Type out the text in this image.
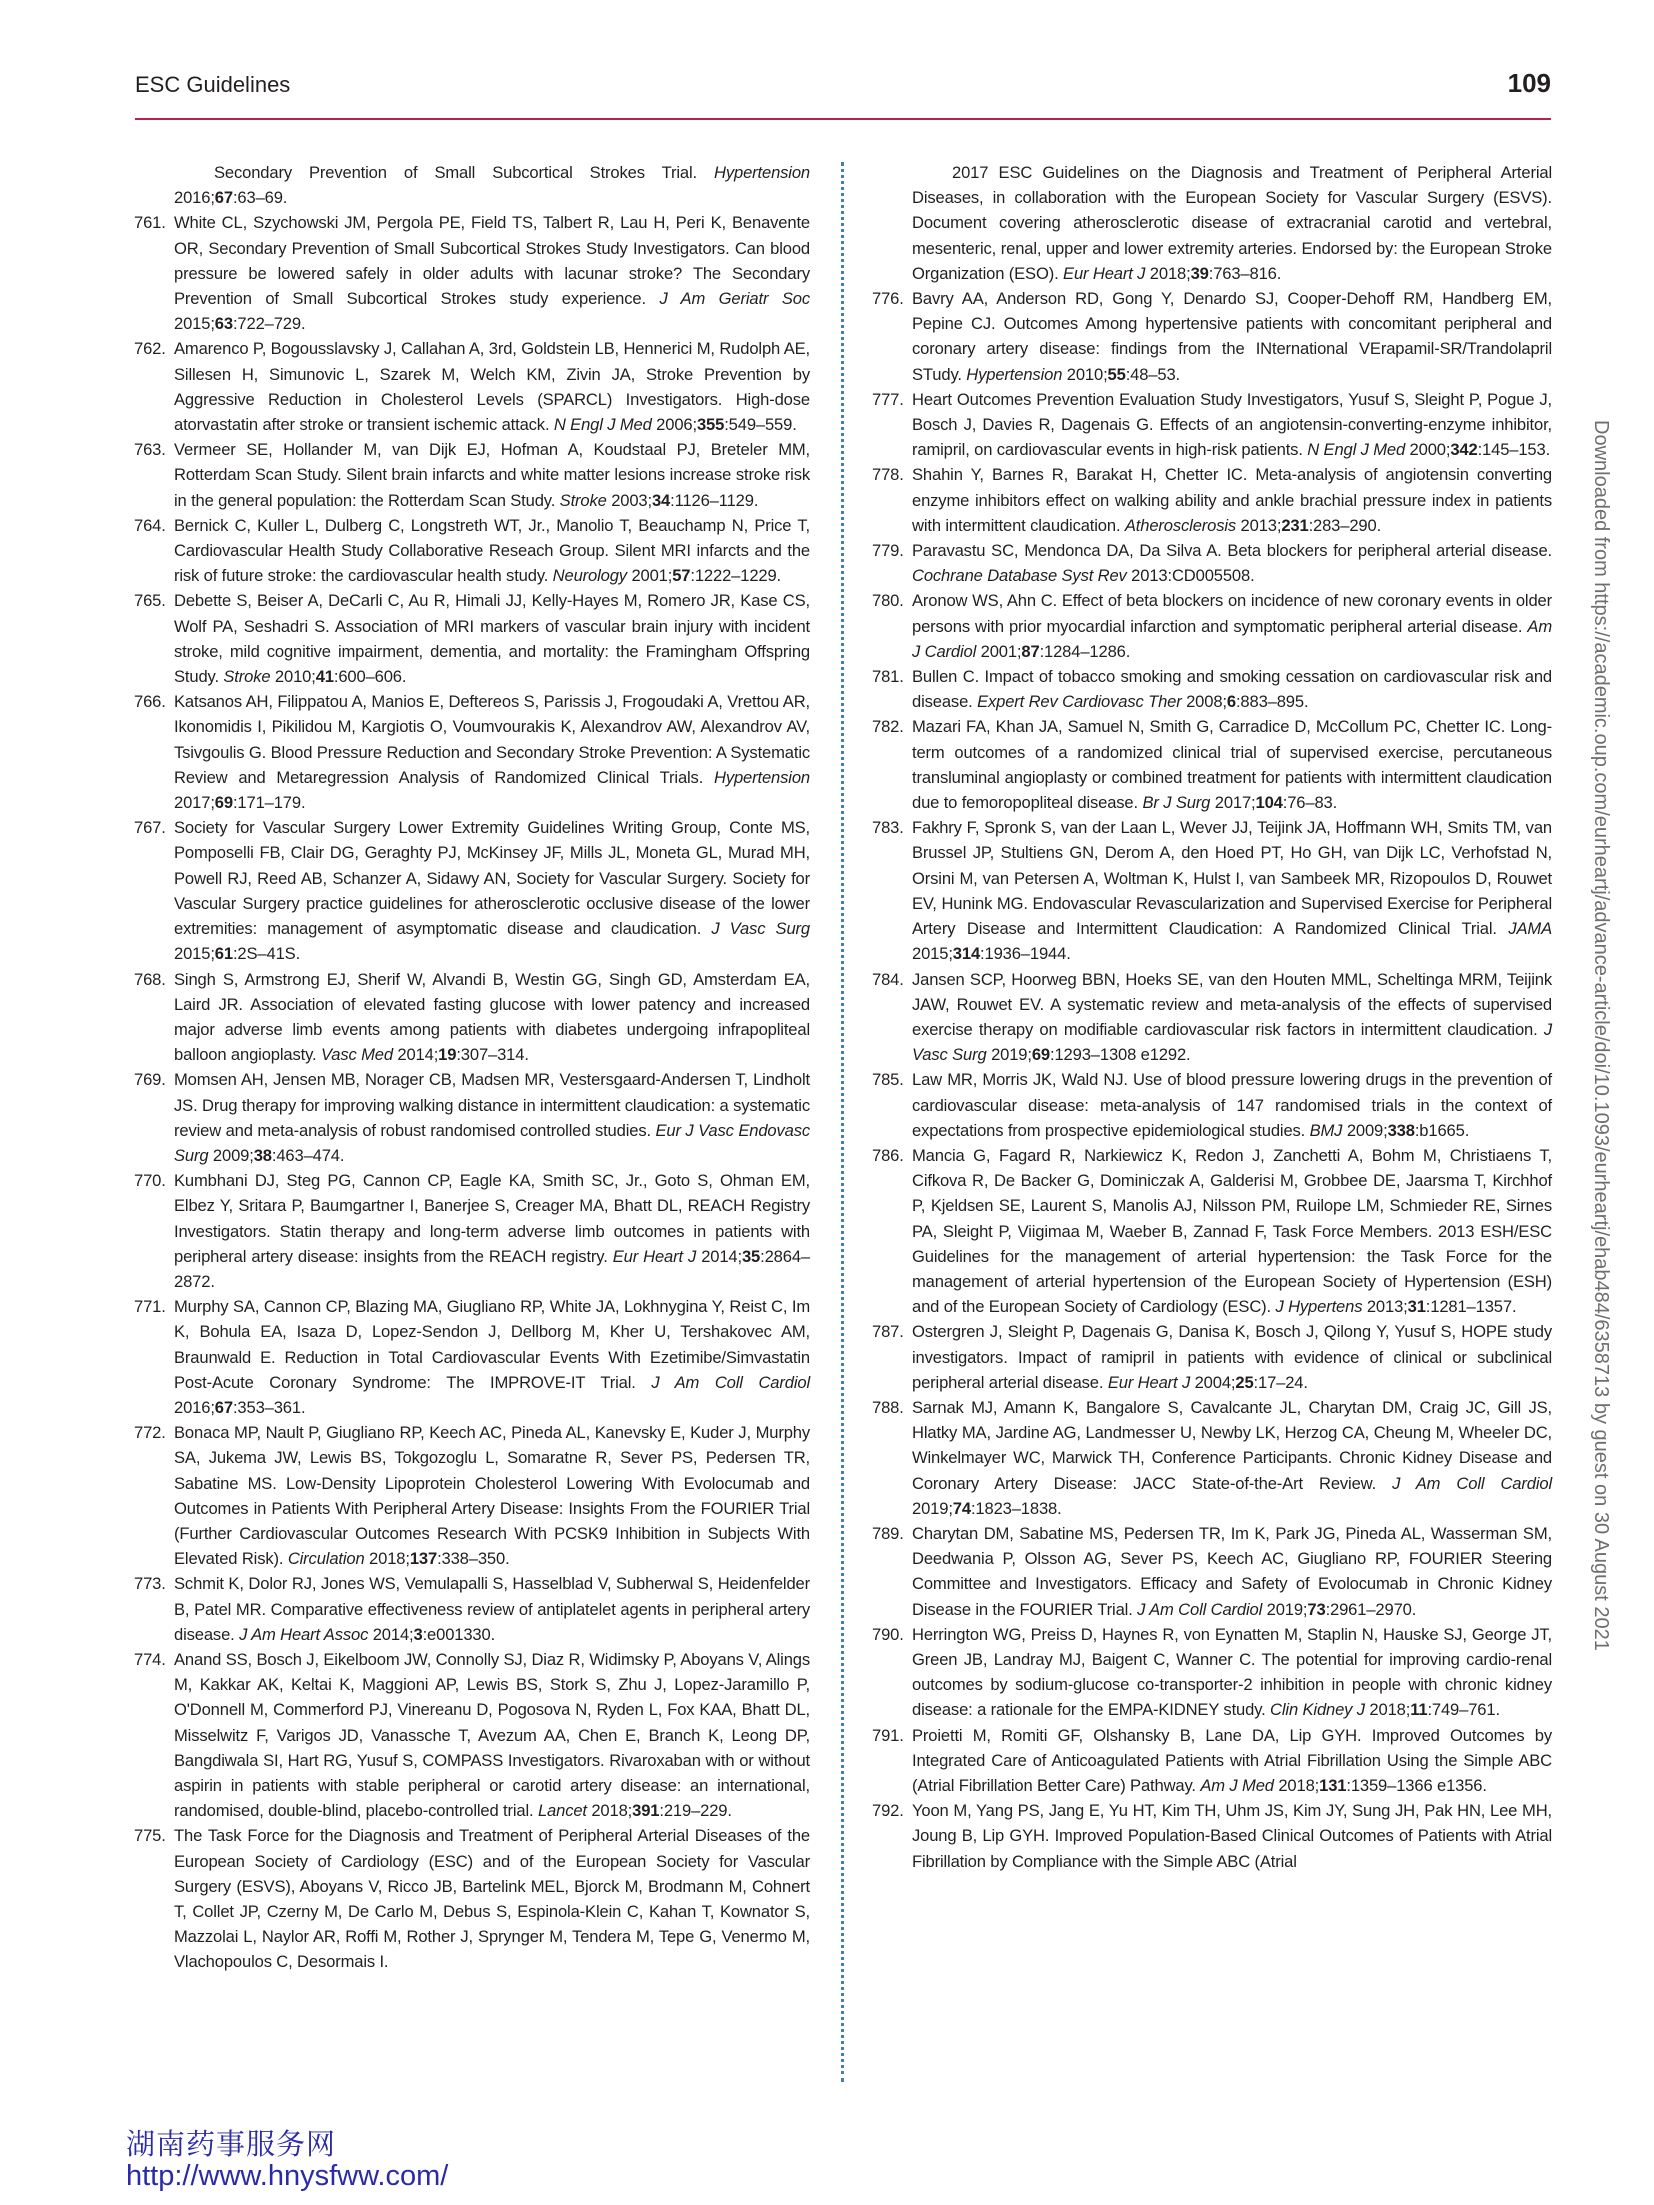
ESC Guidelines	109

Secondary Prevention of Small Subcortical Strokes Trial. Hypertension 2016;67:63–69.

761. White CL, Szychowski JM, Pergola PE, Field TS, Talbert R, Lau H, Peri K, Benavente OR, Secondary Prevention of Small Subcortical Strokes Study Investigators. Can blood pressure be lowered safely in older adults with lacunar stroke? The Secondary Prevention of Small Subcortical Strokes study experience. J Am Geriatr Soc 2015;63:722–729.

762. Amarenco P, Bogousslavsky J, Callahan A, 3rd, Goldstein LB, Hennerici M, Rudolph AE, Sillesen H, Simunovic L, Szarek M, Welch KM, Zivin JA, Stroke Prevention by Aggressive Reduction in Cholesterol Levels (SPARCL) Investigators. High-dose atorvastatin after stroke or transient ischemic attack. N Engl J Med 2006;355:549–559.

763. Vermeer SE, Hollander M, van Dijk EJ, Hofman A, Koudstaal PJ, Breteler MM, Rotterdam Scan Study. Silent brain infarcts and white matter lesions increase stroke risk in the general population: the Rotterdam Scan Study. Stroke 2003;34:1126–1129.

764. Bernick C, Kuller L, Dulberg C, Longstreth WT, Jr., Manolio T, Beauchamp N, Price T, Cardiovascular Health Study Collaborative Reseach Group. Silent MRI infarcts and the risk of future stroke: the cardiovascular health study. Neurology 2001;57:1222–1229.

765. Debette S, Beiser A, DeCarli C, Au R, Himali JJ, Kelly-Hayes M, Romero JR, Kase CS, Wolf PA, Seshadri S. Association of MRI markers of vascular brain injury with incident stroke, mild cognitive impairment, dementia, and mortality: the Framingham Offspring Study. Stroke 2010;41:600–606.

766. Katsanos AH, Filippatou A, Manios E, Deftereos S, Parissis J, Frogoudaki A, Vrettou AR, Ikonomidis I, Pikilidou M, Kargiotis O, Voumvourakis K, Alexandrov AW, Alexandrov AV, Tsivgoulis G. Blood Pressure Reduction and Secondary Stroke Prevention: A Systematic Review and Metaregression Analysis of Randomized Clinical Trials. Hypertension 2017;69:171–179.

767. Society for Vascular Surgery Lower Extremity Guidelines Writing Group, Conte MS, Pomposelli FB, Clair DG, Geraghty PJ, McKinsey JF, Mills JL, Moneta GL, Murad MH, Powell RJ, Reed AB, Schanzer A, Sidawy AN, Society for Vascular Surgery. Society for Vascular Surgery practice guidelines for atherosclerotic occlusive disease of the lower extremities: management of asymptomatic disease and claudication. J Vasc Surg 2015;61:2S–41S.

768. Singh S, Armstrong EJ, Sherif W, Alvandi B, Westin GG, Singh GD, Amsterdam EA, Laird JR. Association of elevated fasting glucose with lower patency and increased major adverse limb events among patients with diabetes undergoing infrapopliteal balloon angioplasty. Vasc Med 2014;19:307–314.

769. Momsen AH, Jensen MB, Norager CB, Madsen MR, Vestersgaard-Andersen T, Lindholt JS. Drug therapy for improving walking distance in intermittent claudication: a systematic review and meta-analysis of robust randomised controlled studies. Eur J Vasc Endovasc Surg 2009;38:463–474.

770. Kumbhani DJ, Steg PG, Cannon CP, Eagle KA, Smith SC, Jr., Goto S, Ohman EM, Elbez Y, Sritara P, Baumgartner I, Banerjee S, Creager MA, Bhatt DL, REACH Registry Investigators. Statin therapy and long-term adverse limb outcomes in patients with peripheral artery disease: insights from the REACH registry. Eur Heart J 2014;35:2864–2872.

771. Murphy SA, Cannon CP, Blazing MA, Giugliano RP, White JA, Lokhnygina Y, Reist C, Im K, Bohula EA, Isaza D, Lopez-Sendon J, Dellborg M, Kher U, Tershakovec AM, Braunwald E. Reduction in Total Cardiovascular Events With Ezetimibe/Simvastatin Post-Acute Coronary Syndrome: The IMPROVE-IT Trial. J Am Coll Cardiol 2016;67:353–361.

772. Bonaca MP, Nault P, Giugliano RP, Keech AC, Pineda AL, Kanevsky E, Kuder J, Murphy SA, Jukema JW, Lewis BS, Tokgozoglu L, Somaratne R, Sever PS, Pedersen TR, Sabatine MS. Low-Density Lipoprotein Cholesterol Lowering With Evolocumab and Outcomes in Patients With Peripheral Artery Disease: Insights From the FOURIER Trial (Further Cardiovascular Outcomes Research With PCSK9 Inhibition in Subjects With Elevated Risk). Circulation 2018;137:338–350.

773. Schmit K, Dolor RJ, Jones WS, Vemulapalli S, Hasselblad V, Subherwal S, Heidenfelder B, Patel MR. Comparative effectiveness review of antiplatelet agents in peripheral artery disease. J Am Heart Assoc 2014;3:e001330.

774. Anand SS, Bosch J, Eikelboom JW, Connolly SJ, Diaz R, Widimsky P, Aboyans V, Alings M, Kakkar AK, Keltai K, Maggioni AP, Lewis BS, Stork S, Zhu J, Lopez-Jaramillo P, O'Donnell M, Commerford PJ, Vinereanu D, Pogosova N, Ryden L, Fox KAA, Bhatt DL, Misselwitz F, Varigos JD, Vanassche T, Avezum AA, Chen E, Branch K, Leong DP, Bangdiwala SI, Hart RG, Yusuf S, COMPASS Investigators. Rivaroxaban with or without aspirin in patients with stable peripheral or carotid artery disease: an international, randomised, double-blind, placebo-controlled trial. Lancet 2018;391:219–229.

775. The Task Force for the Diagnosis and Treatment of Peripheral Arterial Diseases of the European Society of Cardiology (ESC) and of the European Society for Vascular Surgery (ESVS), Aboyans V, Ricco JB, Bartelink MEL, Bjorck M, Brodmann M, Cohnert T, Collet JP, Czerny M, De Carlo M, Debus S, Espinola-Klein C, Kahan T, Kownator S, Mazzolai L, Naylor AR, Roffi M, Rother J, Sprynger M, Tendera M, Tepe G, Venermo M, Vlachopoulos C, Desormais I.

2017 ESC Guidelines on the Diagnosis and Treatment of Peripheral Arterial Diseases, in collaboration with the European Society for Vascular Surgery (ESVS). Document covering atherosclerotic disease of extracranial carotid and vertebral, mesenteric, renal, upper and lower extremity arteries. Endorsed by: the European Stroke Organization (ESO). Eur Heart J 2018;39:763–816.

776. Bavry AA, Anderson RD, Gong Y, Denardo SJ, Cooper-Dehoff RM, Handberg EM, Pepine CJ. Outcomes Among hypertensive patients with concomitant peripheral and coronary artery disease: findings from the INternational VErapamil-SR/Trandolapril STudy. Hypertension 2010;55:48–53.

777. Heart Outcomes Prevention Evaluation Study Investigators, Yusuf S, Sleight P, Pogue J, Bosch J, Davies R, Dagenais G. Effects of an angiotensin-converting-enzyme inhibitor, ramipril, on cardiovascular events in high-risk patients. N Engl J Med 2000;342:145–153.

778. Shahin Y, Barnes R, Barakat H, Chetter IC. Meta-analysis of angiotensin converting enzyme inhibitors effect on walking ability and ankle brachial pressure index in patients with intermittent claudication. Atherosclerosis 2013;231:283–290.

779. Paravastu SC, Mendonca DA, Da Silva A. Beta blockers for peripheral arterial disease. Cochrane Database Syst Rev 2013:CD005508.

780. Aronow WS, Ahn C. Effect of beta blockers on incidence of new coronary events in older persons with prior myocardial infarction and symptomatic peripheral arterial disease. Am J Cardiol 2001;87:1284–1286.

781. Bullen C. Impact of tobacco smoking and smoking cessation on cardiovascular risk and disease. Expert Rev Cardiovasc Ther 2008;6:883–895.

782. Mazari FA, Khan JA, Samuel N, Smith G, Carradice D, McCollum PC, Chetter IC. Long-term outcomes of a randomized clinical trial of supervised exercise, percutaneous transluminal angioplasty or combined treatment for patients with intermittent claudication due to femoropopliteal disease. Br J Surg 2017;104:76–83.

783. Fakhry F, Spronk S, van der Laan L, Wever JJ, Teijink JA, Hoffmann WH, Smits TM, van Brussel JP, Stultiens GN, Derom A, den Hoed PT, Ho GH, van Dijk LC, Verhofstad N, Orsini M, van Petersen A, Woltman K, Hulst I, van Sambeek MR, Rizopoulos D, Rouwet EV, Hunink MG. Endovascular Revascularization and Supervised Exercise for Peripheral Artery Disease and Intermittent Claudication: A Randomized Clinical Trial. JAMA 2015;314:1936–1944.

784. Jansen SCP, Hoorweg BBN, Hoeks SE, van den Houten MML, Scheltinga MRM, Teijink JAW, Rouwet EV. A systematic review and meta-analysis of the effects of supervised exercise therapy on modifiable cardiovascular risk factors in intermittent claudication. J Vasc Surg 2019;69:1293–1308 e1292.

785. Law MR, Morris JK, Wald NJ. Use of blood pressure lowering drugs in the prevention of cardiovascular disease: meta-analysis of 147 randomised trials in the context of expectations from prospective epidemiological studies. BMJ 2009;338:b1665.

786. Mancia G, Fagard R, Narkiewicz K, Redon J, Zanchetti A, Bohm M, Christiaens T, Cifkova R, De Backer G, Dominiczak A, Galderisi M, Grobbee DE, Jaarsma T, Kirchhof P, Kjeldsen SE, Laurent S, Manolis AJ, Nilsson PM, Ruilope LM, Schmieder RE, Sirnes PA, Sleight P, Viigimaa M, Waeber B, Zannad F, Task Force Members. 2013 ESH/ESC Guidelines for the management of arterial hypertension: the Task Force for the management of arterial hypertension of the European Society of Hypertension (ESH) and of the European Society of Cardiology (ESC). J Hypertens 2013;31:1281–1357.

787. Ostergren J, Sleight P, Dagenais G, Danisa K, Bosch J, Qilong Y, Yusuf S, HOPE study investigators. Impact of ramipril in patients with evidence of clinical or subclinical peripheral arterial disease. Eur Heart J 2004;25:17–24.

788. Sarnak MJ, Amann K, Bangalore S, Cavalcante JL, Charytan DM, Craig JC, Gill JS, Hlatky MA, Jardine AG, Landmesser U, Newby LK, Herzog CA, Cheung M, Wheeler DC, Winkelmayer WC, Marwick TH, Conference Participants. Chronic Kidney Disease and Coronary Artery Disease: JACC State-of-the-Art Review. J Am Coll Cardiol 2019;74:1823–1838.

789. Charytan DM, Sabatine MS, Pedersen TR, Im K, Park JG, Pineda AL, Wasserman SM, Deedwania P, Olsson AG, Sever PS, Keech AC, Giugliano RP, FOURIER Steering Committee and Investigators. Efficacy and Safety of Evolocumab in Chronic Kidney Disease in the FOURIER Trial. J Am Coll Cardiol 2019;73:2961–2970.

790. Herrington WG, Preiss D, Haynes R, von Eynatten M, Staplin N, Hauske SJ, George JT, Green JB, Landray MJ, Baigent C, Wanner C. The potential for improving cardio-renal outcomes by sodium-glucose co-transporter-2 inhibition in people with chronic kidney disease: a rationale for the EMPA-KIDNEY study. Clin Kidney J 2018;11:749–761.

791. Proietti M, Romiti GF, Olshansky B, Lane DA, Lip GYH. Improved Outcomes by Integrated Care of Anticoagulated Patients with Atrial Fibrillation Using the Simple ABC (Atrial Fibrillation Better Care) Pathway. Am J Med 2018;131:1359–1366 e1356.

792. Yoon M, Yang PS, Jang E, Yu HT, Kim TH, Uhm JS, Kim JY, Sung JH, Pak HN, Lee MH, Joung B, Lip GYH. Improved Population-Based Clinical Outcomes of Patients with Atrial Fibrillation by Compliance with the Simple ABC (Atrial

Downloaded from https://academic.oup.com/eurheartj/advance-article/doi/10.1093/eurheartj/ehab484/6358713 by guest on 30 August 2021
湖南药事服务网
http://www.hnysfww.com/
